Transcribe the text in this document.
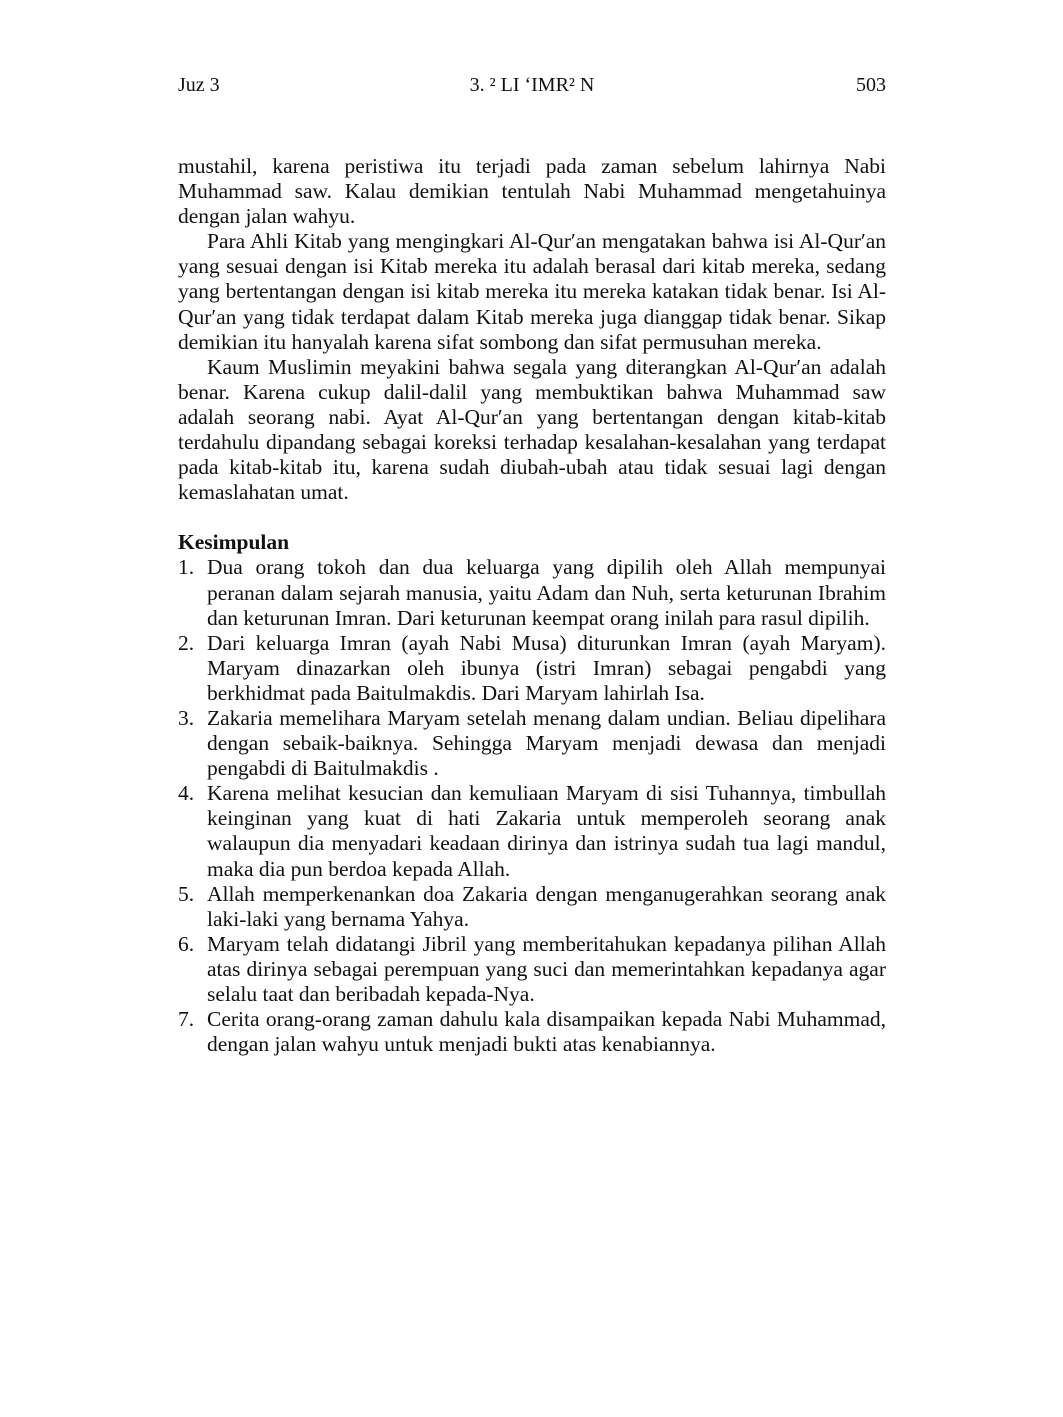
Juz 3	3. ² LI ‘IMR² N	503

mustahil, karena peristiwa itu terjadi pada zaman sebelum lahirnya Nabi Muhammad saw. Kalau demikian tentulah Nabi Muhammad mengetahuinya dengan jalan wahyu.

Para Ahli Kitab yang mengingkari Al-Qur′an mengatakan bahwa isi Al-Qur′an yang sesuai dengan isi Kitab mereka itu adalah berasal dari kitab mereka, sedang yang bertentangan dengan isi kitab mereka itu mereka katakan tidak benar. Isi Al-Qur′an yang tidak terdapat dalam Kitab mereka juga dianggap tidak benar. Sikap demikian itu hanyalah karena sifat sombong dan sifat permusuhan mereka.

Kaum Muslimin meyakini bahwa segala yang diterangkan Al-Qur′an adalah benar. Karena cukup dalil-dalil yang membuktikan bahwa Muhammad saw adalah seorang nabi. Ayat Al-Qur′an yang bertentangan dengan kitab-kitab terdahulu dipandang sebagai koreksi terhadap kesalahan-kesalahan yang terdapat pada kitab-kitab itu, karena sudah diubah-ubah atau tidak sesuai lagi dengan kemaslahatan umat.

Kesimpulan
1. Dua orang tokoh dan dua keluarga yang dipilih oleh Allah mempunyai peranan dalam sejarah manusia, yaitu Adam dan Nuh, serta keturunan Ibrahim dan keturunan Imran. Dari keturunan keempat orang inilah para rasul dipilih.
2. Dari keluarga Imran (ayah Nabi Musa) diturunkan Imran (ayah Maryam). Maryam dinazarkan oleh ibunya (istri Imran) sebagai pengabdi yang berkhidmat pada Baitulmakdis. Dari Maryam lahirlah Isa.
3. Zakaria memelihara Maryam setelah menang dalam undian. Beliau dipelihara dengan sebaik-baiknya. Sehingga Maryam menjadi dewasa dan menjadi pengabdi di Baitulmakdis .
4. Karena melihat kesucian dan kemuliaan Maryam di sisi Tuhannya, timbullah keinginan yang kuat di hati Zakaria untuk memperoleh seorang anak walaupun dia menyadari keadaan dirinya dan istrinya sudah tua lagi mandul, maka dia pun berdoa kepada Allah.
5. Allah memperkenankan doa Zakaria dengan menganugerahkan seorang anak laki-laki yang bernama Yahya.
6. Maryam telah didatangi Jibril yang memberitahukan kepadanya pilihan Allah atas dirinya sebagai perempuan yang suci dan memerintahkan kepadanya agar selalu taat dan beribadah kepada-Nya.
7. Cerita orang-orang zaman dahulu kala disampaikan kepada Nabi Muhammad, dengan jalan wahyu untuk menjadi bukti atas kenabiannya.
